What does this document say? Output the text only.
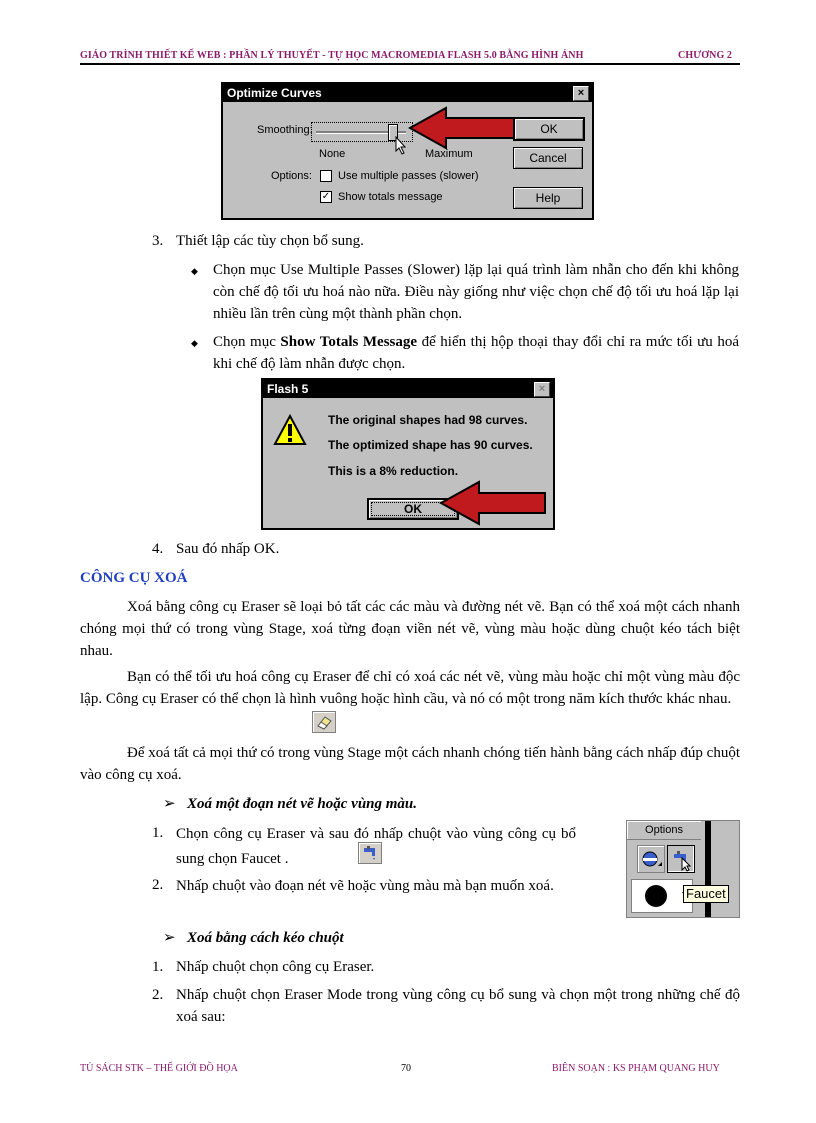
GIÁO TRÌNH THIẾT KẾ WEB : PHẦN LÝ THUYẾT - TỰ HỌC MACROMEDIA FLASH 5.0 BẰNG HÌNH ẢNH	CHƯƠNG 2
Optimize Curves	×
Smoothing:
None	Maximum
Options:	Use multiple passes (slower)
✓ Show totals message
OK
Cancel
Help
3. Thiết lập các tùy chọn bổ sung.
◆ Chọn mục Use Multiple Passes (Slower) lặp lại quá trình làm nhẫn cho đến khi không còn chế độ tối ưu hoá nào nữa. Điều này giống như việc chọn chế độ tối ưu hoá lặp lại nhiều lần trên cùng một thành phần chọn.
◆ Chọn mục Show Totals Message để hiển thị hộp thoại thay đổi chỉ ra mức tối ưu hoá khi chế độ làm nhẫn được chọn.
Flash 5	×
The original shapes had 98 curves.
The optimized shape has 90 curves.
This is a 8% reduction.
OK
4. Sau đó nhấp OK.
CÔNG CỤ XOÁ
Xoá bằng công cụ Eraser sẽ loại bỏ tất các các màu và đường nét vẽ. Bạn có thể xoá một cách nhanh chóng mọi thứ có trong vùng Stage, xoá từng đoạn viền nét vẽ, vùng màu hoặc dùng chuột kéo tách biệt nhau.
Bạn có thể tối ưu hoá công cụ Eraser để chỉ có xoá các nét vẽ, vùng màu hoặc chỉ một vùng màu độc lập. Công cụ Eraser có thể chọn là hình vuông hoặc hình cầu, và nó có một trong năm kích thước khác nhau.
Để xoá tất cả mọi thứ có trong vùng Stage một cách nhanh chóng tiến hành bằng cách nhấp đúp chuột vào công cụ xoá.
➢ Xoá một đoạn nét vẽ hoặc vùng màu.
1. Chọn công cụ Eraser và sau đó nhấp chuột vào vùng công cụ bổ sung chọn Faucet .
2. Nhấp chuột vào đoạn nét vẽ hoặc vùng màu mà bạn muốn xoá.
Options
Faucet
➢ Xoá bằng cách kéo chuột
1. Nhấp chuột chọn công cụ Eraser.
2. Nhấp chuột chọn Eraser Mode trong vùng công cụ bổ sung và chọn một trong những chế độ xoá sau:
TỦ SÁCH STK – THẾ GIỚI ĐỒ HỌA	70	BIÊN SOẠN : KS PHẠM QUANG HUY
